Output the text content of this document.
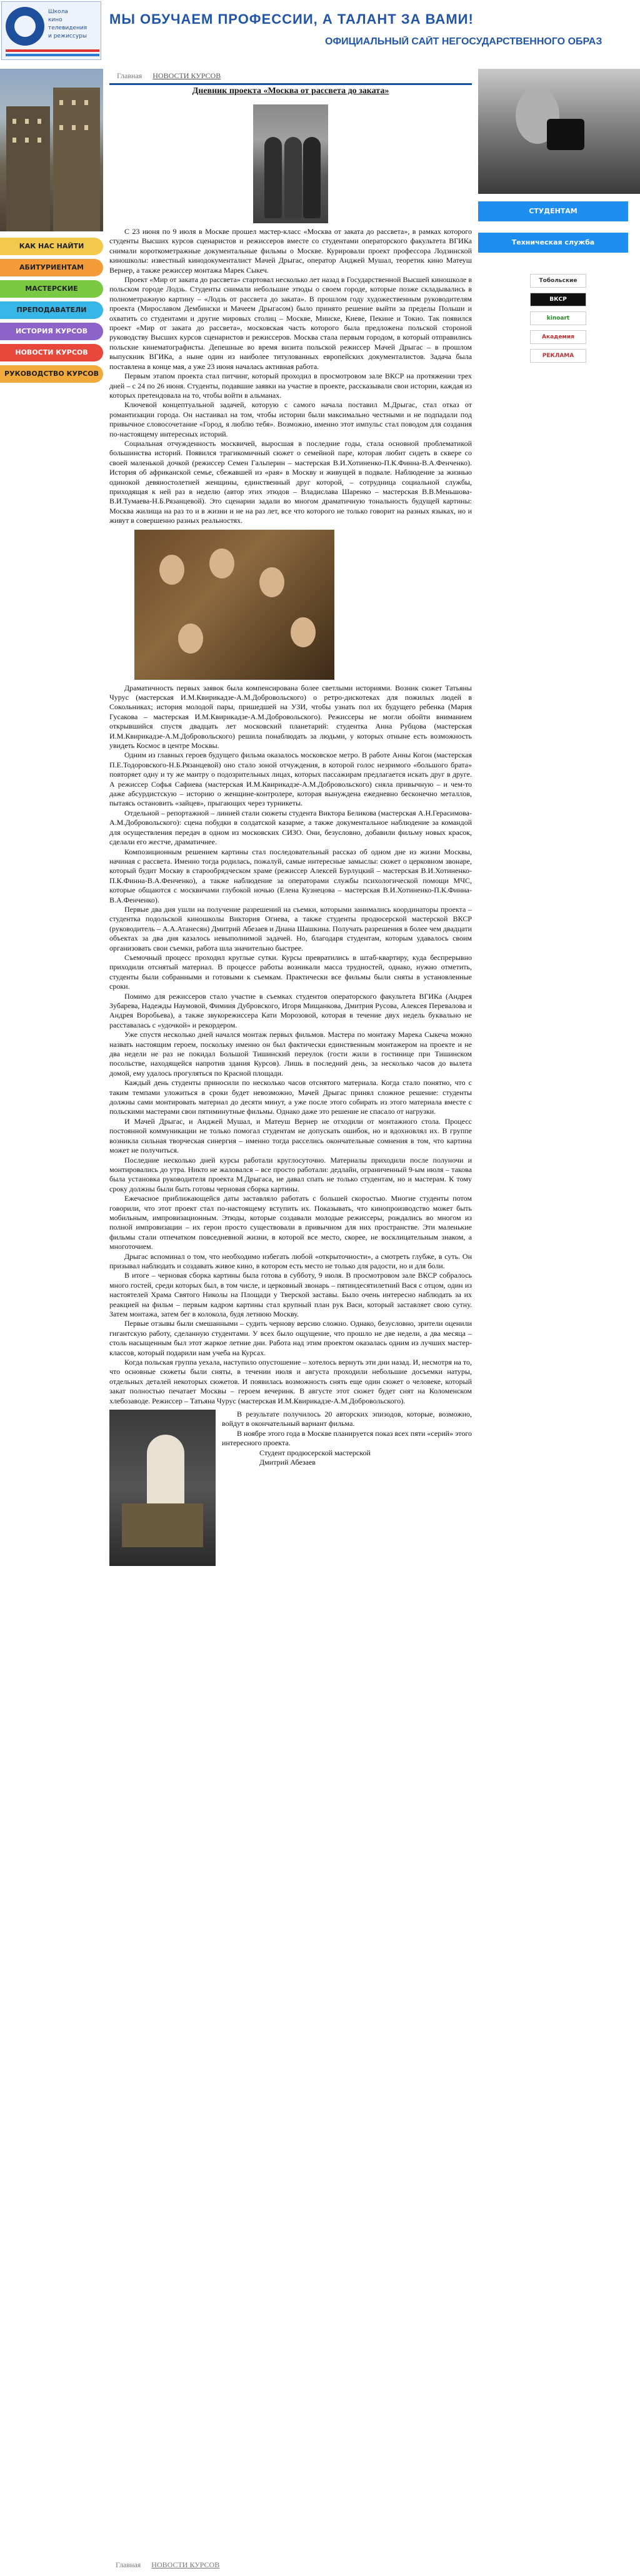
Школа
кино
телевидения
и режиссуры
МЫ ОБУЧАЕМ ПРОФЕССИИ, А ТАЛАНТ ЗА ВАМИ!
ОФИЦИАЛЬНЫЙ САЙТ НЕГОСУДАРСТВЕННОГО ОБРАЗ
КАК НАС НАЙТИ
АБИТУРИЕНТАМ
МАСТЕРСКИЕ
ПРЕПОДАВАТЕЛИ
ИСТОРИЯ КУРСОВ
НОВОСТИ КУРСОВ
РУКОВОДСТВО КУРСОВ
Главная НОВОСТИ КУРСОВ
Дневник проекта «Москва от рассвета до заката»

С 23 июня по 9 июля в Москве прошел мастер-класс «Москва от заката до рассвета», в рамках которого студенты Высших курсов сценаристов и режиссеров вместе со студентами операторского факультета ВГИКа снимали короткометражные документальные фильмы о Москве. Курировали проект профессора Лодзинской киношколы: известный кинодокументалист Мачей Дрыгас, оператор Анджей Мушал, теоретик кино Матеуш Вернер, а также режиссер монтажа Марек Сыкеч.

Проект «Мир от заката до рассвета» стартовал несколько лет назад в Государственной Высшей киношколе в польском городе Лодзь. Студенты снимали небольшие этюды о своем городе, которые позже складывались в полнометражную картину – «Лодзь от рассвета до заката». В прошлом году художественным руководителям проекта (Мирославом Дембински и Мачеем Дрыгасом) было принято решение выйти за пределы Польши и охватить со студентами и другие мировых столиц – Москве, Минске, Киеве, Пекине и Токио. Так появился проект «Мир от заката до рассвета», московская часть которого была предложена польской стороной руководству Высших курсов сценаристов и режиссеров. Москва стала первым городом, в который отправились польские кинематографисты. Депешные во время визита польской режиссер Мачей Дрыгас – в прошлом выпускник ВГИКа, а ныне один из наиболее титулованных европейских документалистов. Задача была поставлена в конце мая, а уже 23 июня началась активная работа.

Первым этапом проекта стал питчинг, который проходил в просмотровом зале ВКСР на протяжении трех дней – с 24 по 26 июня. Студенты, подавшие заявки на участие в проекте, рассказывали свои истории, каждая из которых претендовала на то, чтобы войти в альманах.

Ключевой концептуальной задачей, которую с самого начала поставил М.Дрыгас, стал отказ от романтизации города. Он настаивал на том, чтобы истории были максимально честными и не подпадали под привычное словосочетание «Город, я люблю тебя». Возможно, именно этот импульс стал поводом для создания по-настоящему интересных историй.

Социальная отчужденность москвичей, выросшая в последние годы, стала основной проблематикой большинства историй. Появился трагикомичный сюжет о семейной паре, которая любит сидеть в сквере со своей маленькой дочкой (режиссер Семен Гальперин – мастерская В.И.Хотиненко-П.К.Финна-В.А.Фенченко). История об африканской семье, сбежавшей из «рая» в Москву и живущей в подвале. Наблюдение за жизнью одинокой девяностолетней женщины, единственный друг которой, – сотрудница социальной службы, приходящая к ней раз в неделю (автор этих этюдов – Владислава Шаренко – мастерская В.В.Меньшова-В.И.Тумаева-Н.Б.Рязанцевой). Это сценарии задали во многом драматичную тональность будущей картины: Москва жилища на раз то и в жизни и не на раз лет, все что которого не только говорит на разных языках, но и живут в совершенно разных реальностях.

Драматичность первых заявок была компенсирована более светлыми историями. Возник сюжет Татьяны Чурус (мастерская И.М.Квирикадзе-А.М.Добровольского) о ретро-дискотеках для пожилых людей в Сокольниках; история молодой пары, пришедшей на УЗИ, чтобы узнать пол их будущего ребенка (Мария Гусакова – мастерская И.М.Квирикадзе-А.М.Добровольского). Режиссеры не могли обойти вниманием открывшийся спустя двадцать лет московский планетарий: студентка Анна Рубцова (мастерская И.М.Квирикадзе-А.М.Добровольского) решила понаблюдать за людьми, у которых отныне есть возможность увидеть Космос в центре Москвы.

Одним из главных героев будущего фильма оказалось московское метро. В работе Анны Когон (мастерская П.Е.Тодоровского-Н.Б.Рязанцевой) оно стало зоной отчуждения, в которой голос незримого «большого брата» повторяет одну и ту же мантру о подозрительных лицах, которых пассажирам предлагается искать друг в друге. А режиссер Софья Сафиева (мастерская И.М.Квирикадзе-А.М.Добровольского) сняла привычную – и чем-то даже абсурдистскую – историю о женщине-контролере, которая вынуждена ежедневно бесконечно металлов, пытаясь остановить «зайцев», прыгающих через турникеты.

Отдельной – репортажной – линией стали сюжеты студента Виктора Беликова (мастерская А.Н.Герасимова-А.М.Добровольского): сцена побудки в солдатской казарме, а также документальное наблюдение за командой для осуществления передач в одном из московских СИЗО. Они, безусловно, добавили фильму новых красок, сделали его жестче, драматичнее.

Композиционным решением картины стал последовательный рассказ об одном дне из жизни Москвы, начиная с рассвета. Именно тогда родилась, пожалуй, самые интересные замыслы: сюжет о церковном звонаре, который будит Москву в старообрядческом храме (режиссер Алексей Бурлуцкий – мастерская В.И.Хотиненко-П.К.Финна-В.А.Фенченко), а также наблюдение за операторами службы психологической помощи МЧС, которые общаются с москвичами глубокой ночью (Елена Кузнецова – мастерская В.И.Хотиненко-П.К.Финна-В.А.Фенченко).

Первые два дня ушли на получение разрешений на съемки, которыми занимались координаторы проекта – студентка подольской киношколы Виктория Огнева, а также студенты продюсерской мастерской ВКСР (руководитель – А.А.Атанесян) Дмитрий Абезаев и Диана Шашкина. Получать разрешения в более чем двадцати объектах за два дня казалось невыполнимой задачей. Но, благодаря студентам, которым удавалось своим организовать свои съемки, работа шла значительно быстрее.

Съемочный процесс проходил круглые сутки. Курсы превратились в штаб-квартиру, куда беспрерывно приходили отснятый материал. В процессе работы возникали масса трудностей, однако, нужно отметить, студенты были собранными и готовыми к съемкам. Практически все фильмы были сняты в установленные сроки.

Помимо для режиссеров стало участие в съемках студентов операторского факультета ВГИКа (Андрея Зубарева, Надежды Наумовой, Фимиия Дубровского, Игоря Мищанкова, Дмитрия Русова, Алексея Перевалова и Андрея Воробьева), а также звукорежиссера Кати Морозовой, которая в течение двух недель буквально не расставалась с «удочкой» и рекордером.

Уже спустя несколько дней начался монтаж первых фильмов. Мастера по монтажу Марека Сыкеча можно назвать настоящим героем, поскольку именно он был фактически единственным монтажером на проекте и не два недели не раз не покидал Большой Тишинский переулок (гости жили в гостинице при Тишинском посольстве, находящейся напротив здания Курсов). Лишь в последний день, за несколько часов до вылета домой, ему удалось прогуляться по Красной площади.

Каждый день студенты приносили по несколько часов отснятого материала. Когда стало понятно, что с таким темпами уложиться в сроки будет невозможно, Мачей Дрыгас принял сложное решение: студенты должны сами монтировать материал до десяти минут, а уже после этого собирать из этого материала вместе с польскими мастерами свои пятиминутные фильмы. Однако даже это решение не спасало от нагрузки.

И Мачей Дрыгас, и Анджей Мушал, и Матеуш Вернер не отходили от монтажного стола. Процесс постоянной коммуникации не только помогал студентам не допускать ошибок, но и вдохновлял их. В группе возникла сильная творческая синергия – именно тогда расселись окончательные сомнения в том, что картина может не получиться.

Последние несколько дней курсы работали круглосуточно. Материалы приходили после полуночи и монтировались до утра. Никто не жаловался – все просто работали: дедлайн, ограниченный 9-ым июля – такова была установка руководителя проекта М.Дрыгаса, не давал спать не только студентам, но и мастерам. К тому сроку должны были быть готовы черновая сборка картины.

Ежечасное приближающейся даты заставляло работать с большей скоростью. Многие студенты потом говорили, что этот проект стал по-настоящему вступить их. Показывать, что кинопроизводство может быть мобильным, импровизационным. Этюды, которые создавали молодые режиссеры, рождались во многом из полной импровизации – их герои просто существовали в привычном для них пространстве. Эти маленькие фильмы стали отпечатком повседневной жизни, в которой все место, скорее, не восклицательным знаком, а многоточием.

Дрыгас вспоминал о том, что необходимо избегать любой «открыточности», а смотреть глубже, в суть. Он призывал наблюдать и создавать живое кино, в котором есть место не только для радости, но и для боли.

В итоге – черновая сборка картины была готова в субботу, 9 июля. В просмотровом зале ВКСР собралось много гостей, среди которых был, в том числе, и церковный звонарь – пятиндесятилетний Вася с отцом, один из настоятелей Храма Святого Николы на Площади у Тверской заставы. Было очень интересно наблюдать за их реакцией на фильм – первым кадром картины стал крупный план рук Васи, который заставляет свою сутну. Затем монтажа, затем бег в колокола, будя летнюю Москву.

Первые отзывы были смешанными – судить чернову версию сложно. Однако, безусловно, зрители оценили гигантскую работу, сделанную студентами. У всех было ощущение, что прошло не две недели, а два месяца – столь насыщенным был этот жаркое летние дни. Работа над этим проектом оказалась одним из лучших мастер-классов, который подарили нам учеба на Курсах.

Когда польская группа уехала, наступило опустошение – хотелось вернуть эти дни назад. И, несмотря на то, что основные сюжеты были сняты, в течении июля и августа проходили небольшие досъемки натуры, отдельных деталей некоторых сюжетов. И появилась возможность снять еще один сюжет о человеке, который закат полностью печатает Москвы – героем вечеринк. В августе этот сюжет будет снят на Коломенском хлебозаводе. Режиссер – Татьяна Чурус (мастерская И.М.Квирикадзе-А.М.Добровольского).

В результате получилось 20 авторских эпизодов, которые, возможно, войдут в окончательный вариант фильма.

В ноябре этого года в Москве планируется показ всех пяти «серий» этого интересного проекта.

Студент продюсерской мастерской

Дмитрий Абезаев

СТУДЕНТАМ
Техническая служба
Тобольские
ВКСР
kinoart
Академия
РЕКЛАМА
Главная НОВОСТИ КУРСОВ
